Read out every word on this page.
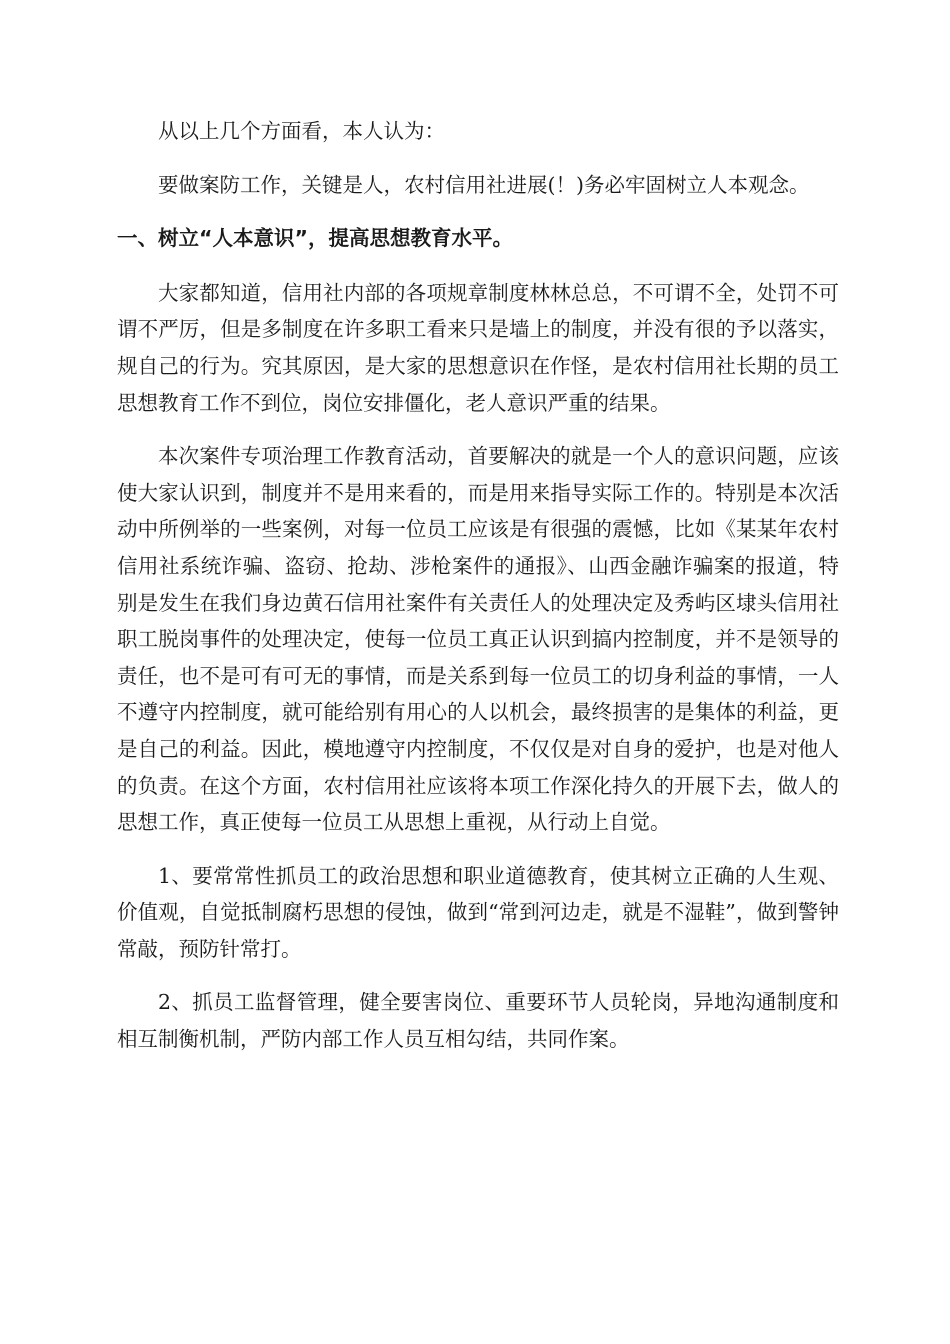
从以上几个方面看，本人认为：

要做案防工作，关键是人，农村信用社进展(！)务必牢固树立人本观念。

一、树立“人本意识”，提高思想教育水平。

大家都知道，信用社内部的各项规章制度林林总总，不可谓不全，处罚不可谓不严厉，但是多制度在许多职工看来只是墙上的制度，并没有很的予以落实，规自己的行为。究其原因，是大家的思想意识在作怪，是农村信用社长期的员工思想教育工作不到位，岗位安排僵化，老人意识严重的结果。

本次案件专项治理工作教育活动，首要解决的就是一个人的意识问题，应该使大家认识到，制度并不是用来看的，而是用来指导实际工作的。特别是本次活动中所例举的一些案例，对每一位员工应该是有很强的震憾，比如《某某年农村信用社系统诈骗、盗窃、抢劫、涉枪案件的通报》、山西金融诈骗案的报道，特别是发生在我们身边黄石信用社案件有关责任人的处理决定及秀屿区埭头信用社职工脱岗事件的处理决定，使每一位员工真正认识到搞内控制度，并不是领导的责任，也不是可有可无的事情，而是关系到每一位员工的切身利益的事情，一人不遵守内控制度，就可能给别有用心的人以机会，最终损害的是集体的利益，更是自己的利益。因此，模地遵守内控制度，不仅仅是对自身的爱护，也是对他人的负责。在这个方面，农村信用社应该将本项工作深化持久的开展下去，做人的思想工作，真正使每一位员工从思想上重视，从行动上自觉。

1、要常常性抓员工的政治思想和职业道德教育，使其树立正确的人生观、价值观，自觉抵制腐朽思想的侵蚀，做到“常到河边走，就是不湿鞋”，做到警钟常敲，预防针常打。

2、抓员工监督管理，健全要害岗位、重要环节人员轮岗，异地沟通制度和相互制衡机制，严防内部工作人员互相勾结，共同作案。
